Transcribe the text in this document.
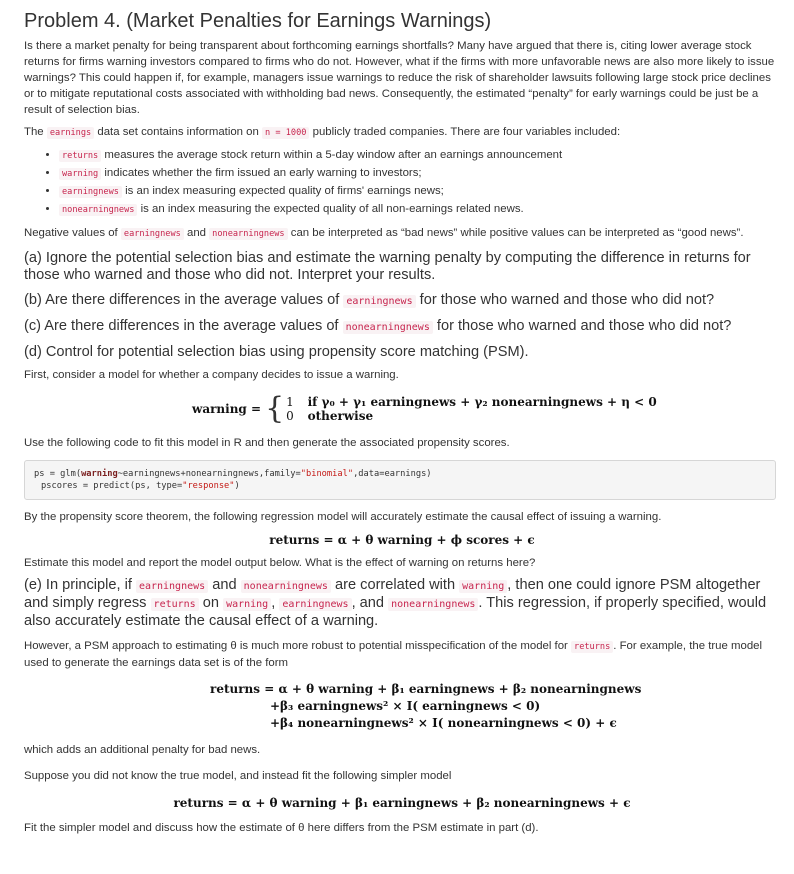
Problem 4. (Market Penalties for Earnings Warnings)

Is there a market penalty for being transparent about forthcoming earnings shortfalls? Many have argued that there is, citing lower average stock returns for firms warning investors compared to firms who do not. However, what if the firms with more unfavorable news are also more likely to issue warnings? This could happen if, for example, managers issue warnings to reduce the risk of shareholder lawsuits following large stock price declines or to mitigate reputational costs associated with withholding bad news. Consequently, the estimated “penalty” for early warnings could be just be a result of selection bias.

The earnings data set contains information on n = 1000 publicly traded companies. There are four variables included:

• returns measures the average stock return within a 5-day window after an earnings announcement
• warning indicates whether the firm issued an early warning to investors;
• earningnews is an index measuring expected quality of firms' earnings news;
• nonearningnews is an index measuring the expected quality of all non-earnings related news.

Negative values of earningnews and nonearningnews can be interpreted as “bad news” while positive values can be interpreted as “good news”.

(a) Ignore the potential selection bias and estimate the warning penalty by computing the difference in returns for those who warned and those who did not. Interpret your results.

(b) Are there differences in the average values of earningnews for those who warned and those who did not?

(c) Are there differences in the average values of nonearningnews for those who warned and those who did not?

(d) Control for potential selection bias using propensity score matching (PSM).

First, consider a model for whether a company decides to issue a warning.

warning = { 1 if γ₀ + γ₁ earningnews + γ₂ nonearningnews + η < 0
0 otherwise

Use the following code to fit this model in R and then generate the associated propensity scores.

ps = glm(warning~earningnews+nonearningnews,family="binomial",data=earnings)
pscores = predict(ps, type="response")

By the propensity score theorem, the following regression model will accurately estimate the causal effect of issuing a warning.

returns = α + θ warning + ϕ scores + ϵ

Estimate this model and report the model output below. What is the effect of warning on returns here?

(e) In principle, if earningnews and nonearningnews are correlated with warning , then one could ignore PSM altogether and simply regress returns on warning , earningnews , and nonearningnews . This regression, if properly specified, would also accurately estimate the causal effect of a warning.

However, a PSM approach to estimating θ is much more robust to potential misspecification of the model for returns . For example, the true model used to generate the earnings data set is of the form

returns = α + θ warning + β₁ earningnews + β₂ nonearningnews
+β₃ earningnews² × I( earningnews < 0)
+β₄ nonearningnews² × I( nonearningnews < 0) + ϵ

which adds an additional penalty for bad news.

Suppose you did not know the true model, and instead fit the following simpler model

returns = α + θ warning + β₁ earningnews + β₂ nonearningnews + ϵ

Fit the simpler model and discuss how the estimate of θ here differs from the PSM estimate in part (d).
